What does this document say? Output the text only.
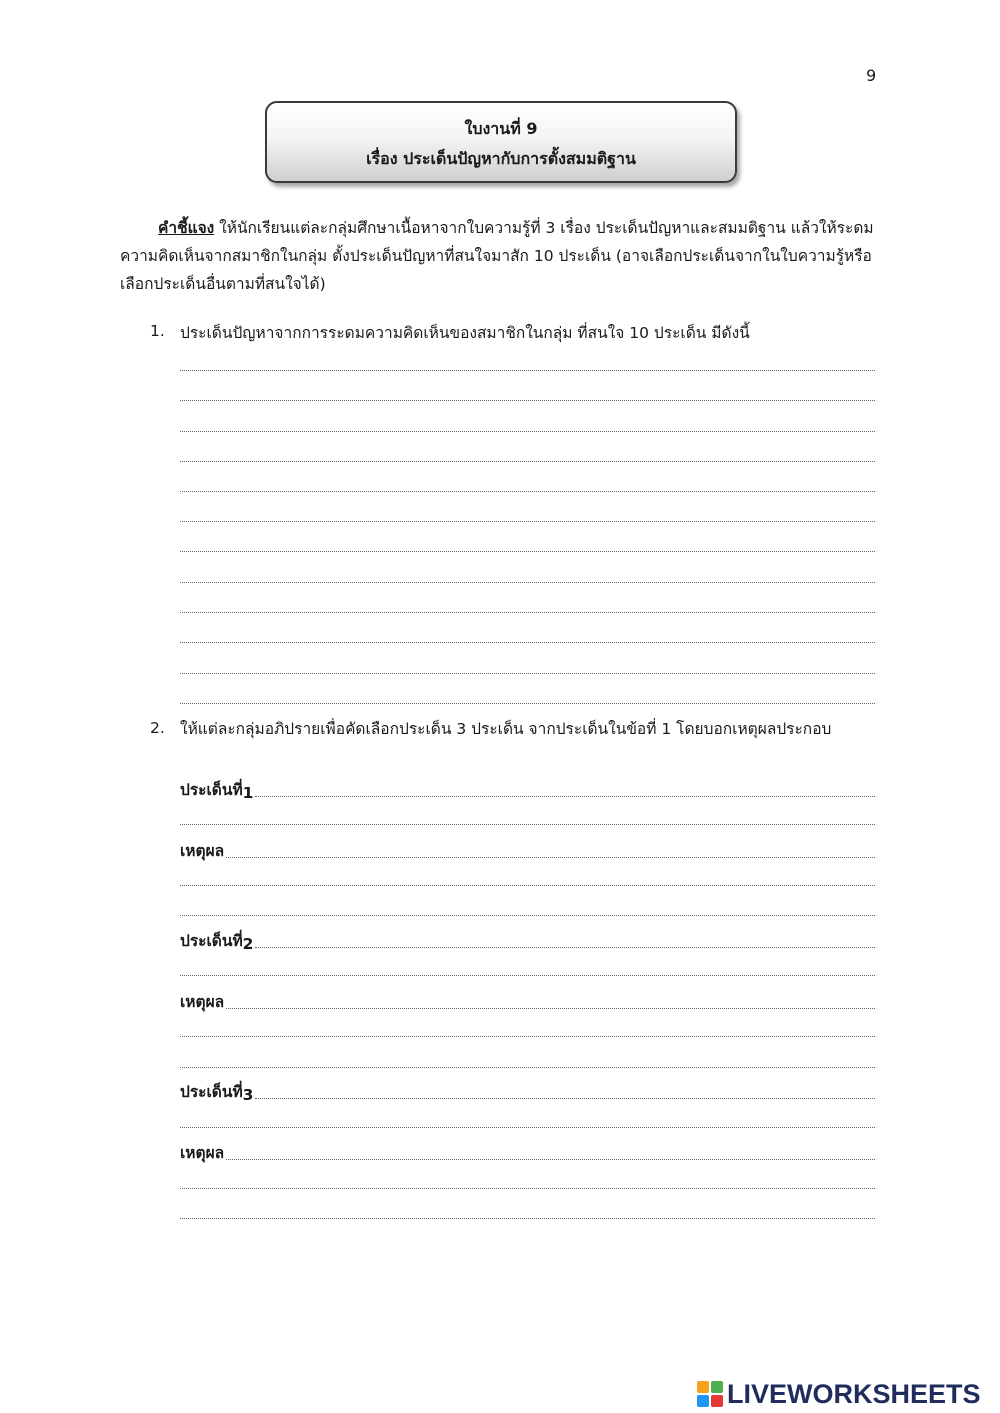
9
ใบงานที่ 9
เรื่อง ประเด็นปัญหากับการตั้งสมมติฐาน
คำชี้แจง ให้นักเรียนแต่ละกลุ่มศึกษาเนื้อหาจากใบความรู้ที่ 3 เรื่อง ประเด็นปัญหาและสมมติฐาน แล้วให้ระดมความคิดเห็นจากสมาชิกในกลุ่ม ตั้งประเด็นปัญหาที่สนใจมาสัก 10 ประเด็น (อาจเลือกประเด็นจากในใบความรู้หรือเลือกประเด็นอื่นตามที่สนใจได้)
1. ประเด็นปัญหาจากการระดมความคิดเห็นของสมาชิกในกลุ่ม ที่สนใจ 10 ประเด็น มีดังนี้
2. ให้แต่ละกลุ่มอภิปรายเพื่อคัดเลือกประเด็น 3 ประเด็น จากประเด็นในข้อที่ 1 โดยบอกเหตุผลประกอบ
ประเด็นที่ 1
เหตุผล
ประเด็นที่ 2
เหตุผล
ประเด็นที่ 3
เหตุผล
LIVEWORKSHEETS
